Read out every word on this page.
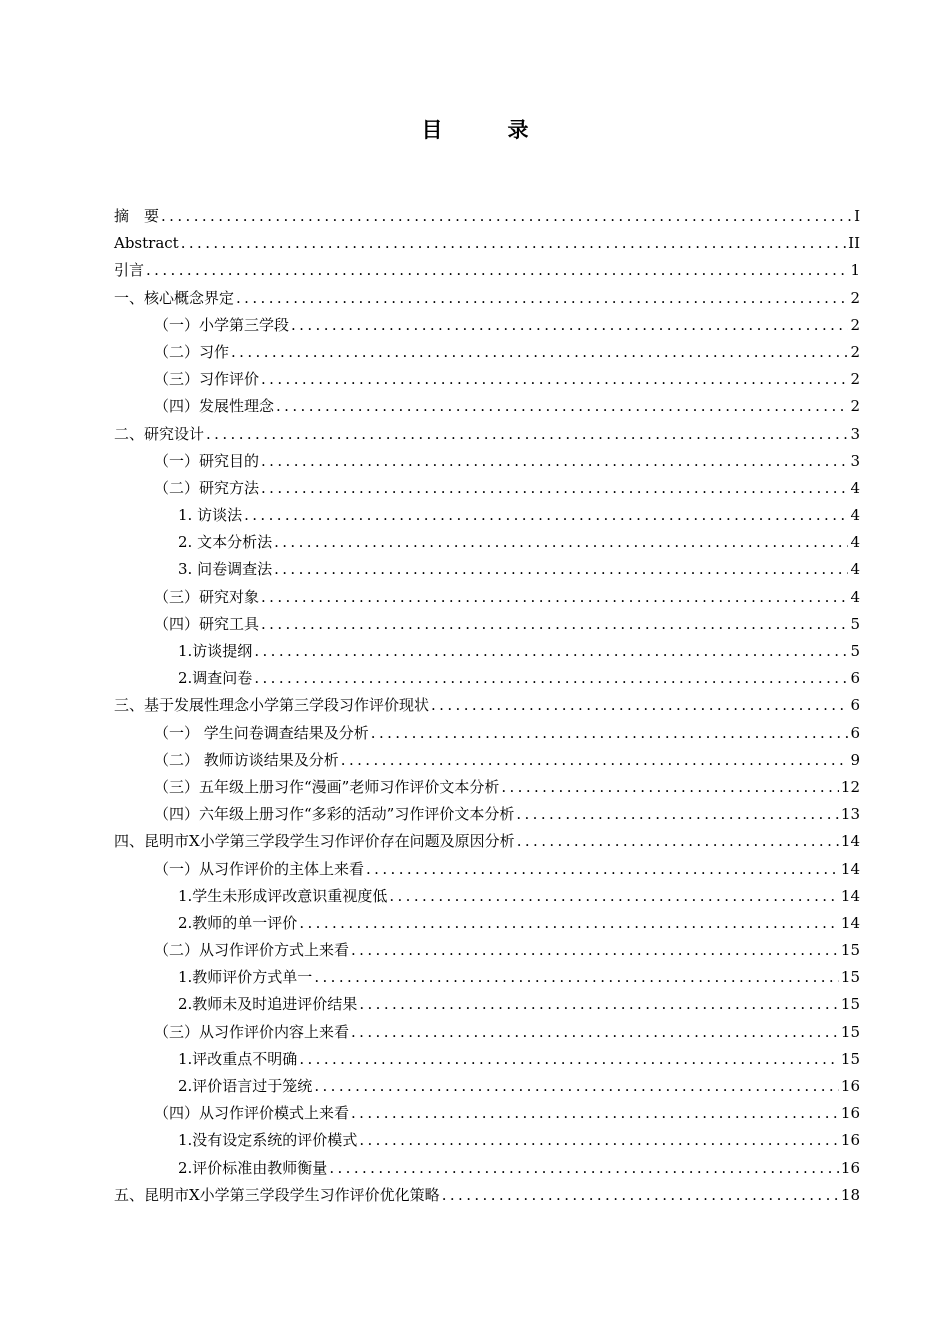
目　录
摘　要 .....	I
Abstract .....	II
引言 .....	1
一、核心概念界定 .....	2
（一）小学第三学段 .....	2
（二）习作 .....	2
（三）习作评价 .....	2
（四）发展性理念 .....	2
二、研究设计 .....	3
（一）研究目的 .....	3
（二）研究方法 .....	4
1. 访谈法 .....	4
2. 文本分析法 .....	4
3. 问卷调查法 .....	4
（三）研究对象 .....	4
（四）研究工具 .....	5
1.访谈提纲 .....	5
2.调查问卷 .....	6
三、基于发展性理念小学第三学段习作评价现状 .....	6
（一） 学生问卷调查结果及分析 .....	6
（二） 教师访谈结果及分析 .....	9
（三）五年级上册习作“漫画”老师习作评价文本分析 .....	12
（四）六年级上册习作“多彩的活动”习作评价文本分析 .....	13
四、昆明市X小学第三学段学生习作评价存在问题及原因分析 .....	14
（一）从习作评价的主体上来看 .....	14
1.学生未形成评改意识重视度低 .....	14
2.教师的单一评价 .....	14
（二）从习作评价方式上来看 .....	15
1.教师评价方式单一 .....	15
2.教师未及时追进评价结果 .....	15
（三）从习作评价内容上来看 .....	15
1.评改重点不明确 .....	15
2.评价语言过于笼统 .....	16
（四）从习作评价模式上来看 .....	16
1.没有设定系统的评价模式 .....	16
2.评价标准由教师衡量 .....	16
五、昆明市X小学第三学段学生习作评价优化策略 .....	18
